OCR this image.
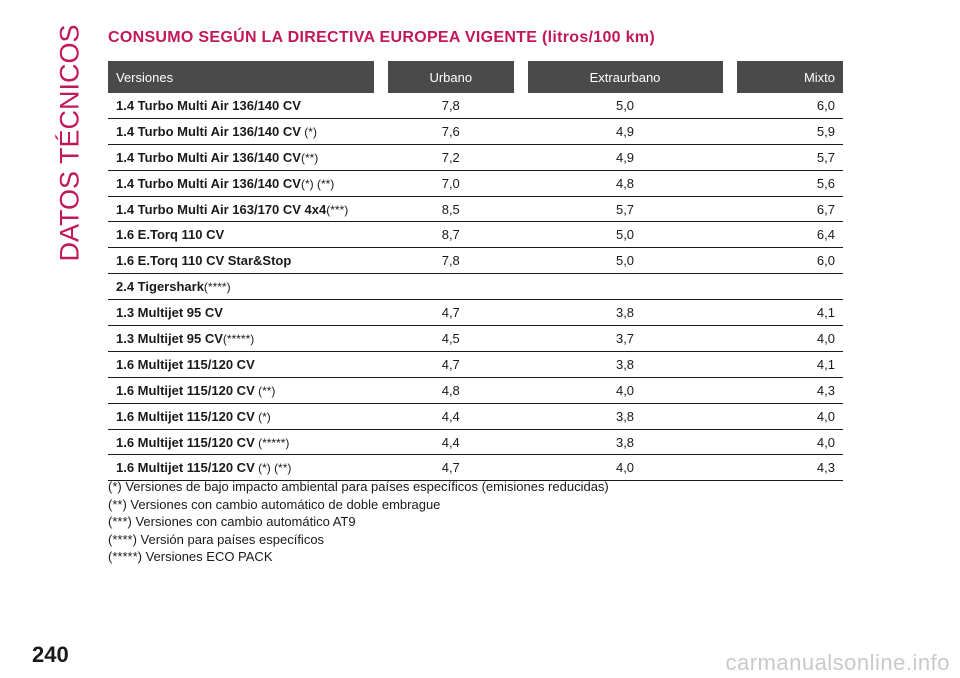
DATOS TÉCNICOS CONSUMO SEGÚN LA DIRECTIVA EUROPEA VIGENTE (litros/100 km)
Versiones	Urbano	Extraurbano	Mixto
1.4 Turbo Multi Air 136/140 CV	7,8	5,0	6,0
1.4 Turbo Multi Air 136/140 CV (*)	7,6	4,9	5,9
1.4 Turbo Multi Air 136/140 CV(**)	7,2	4,9	5,7
1.4 Turbo Multi Air 136/140 CV(*) (**)	7,0	4,8	5,6
1.4 Turbo Multi Air 163/170 CV 4x4(***)	8,5	5,7	6,7
1.6 E.Torq 110 CV	8,7	5,0	6,4
1.6 E.Torq 110 CV Star&Stop	7,8	5,0	6,0
2.4 Tigershark(****)			
1.3 Multijet 95 CV	4,7	3,8	4,1
1.3 Multijet 95 CV(*****)	4,5	3,7	4,0
1.6 Multijet 115/120 CV	4,7	3,8	4,1
1.6 Multijet 115/120 CV (**)	4,8	4,0	4,3
1.6 Multijet 115/120 CV (*)	4,4	3,8	4,0
1.6 Multijet 115/120 CV (*****)	4,4	3,8	4,0
1.6 Multijet 115/120 CV (*) (**)	4,7	4,0	4,3
(*) Versiones de bajo impacto ambiental para países específicos (emisiones reducidas)
(**) Versiones con cambio automático de doble embrague
(***) Versiones con cambio automático AT9
(****) Versión para países específicos
(*****) Versiones ECO PACK
240	carmanualsonline.info
